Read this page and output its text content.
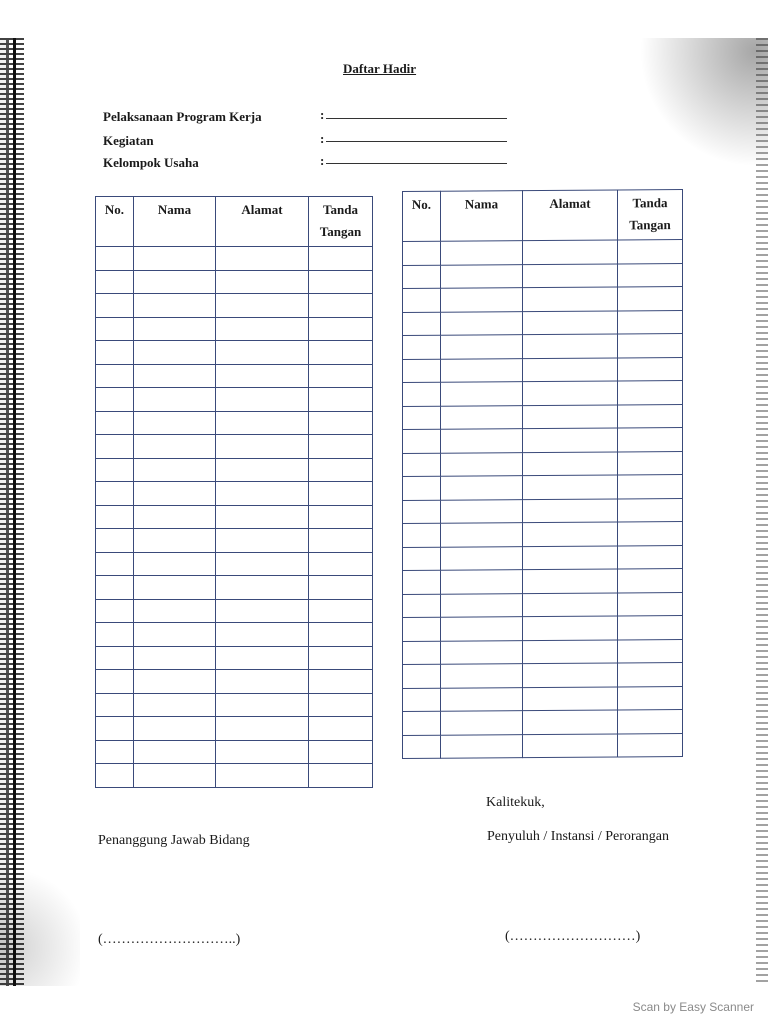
Daftar Hadir
Pelaksanaan Program Kerja	:
Kegiatan	:
Kelompok Usaha	:
No.	Nama	Alamat	Tanda Tangan

No.	Nama	Alamat	Tanda Tangan

Kalitekuk,
Penanggung Jawab Bidang	Penyuluh / Instansi / Perorangan
(………………………..)	(………………………)
Scan by Easy Scanner
